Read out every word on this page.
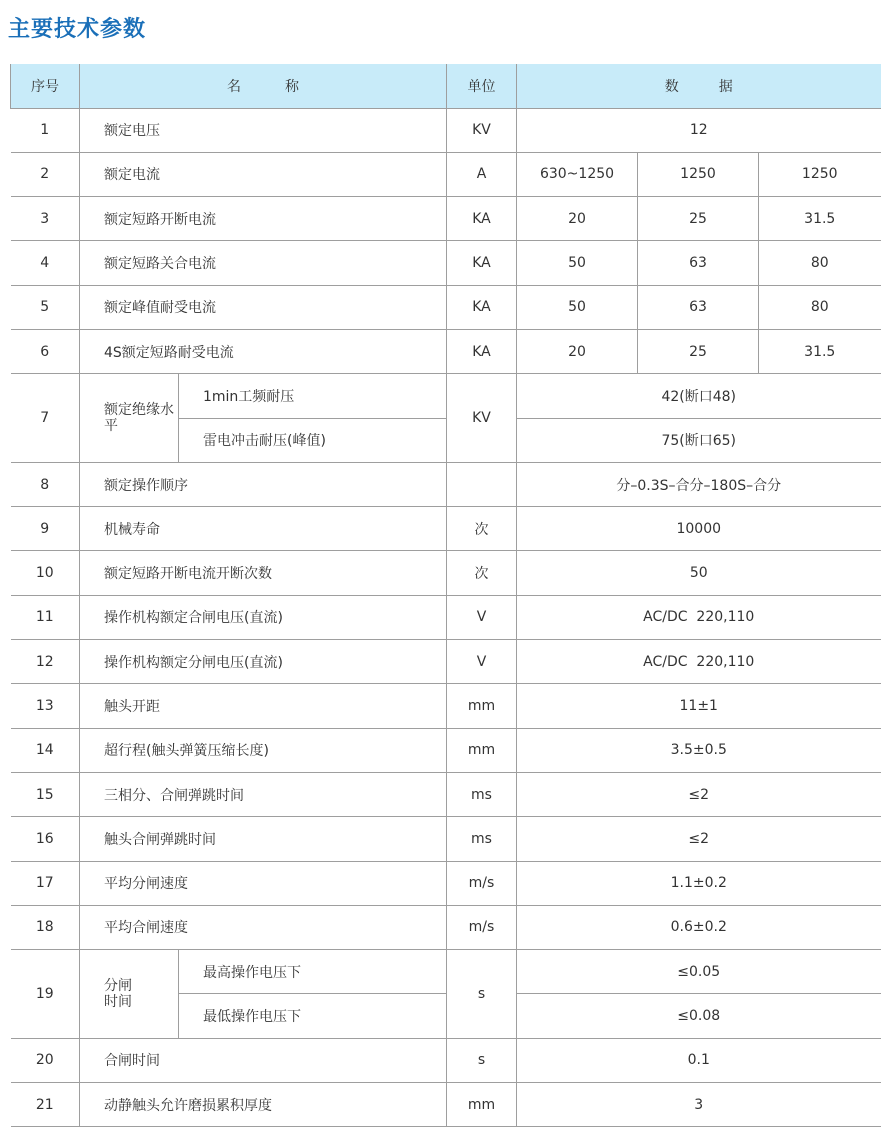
主要技术参数
序号	名称		单位	数据		
1	额定电压		KV	12		
2	额定电流		A	630~1250	1250	1250
3	额定短路开断电流		KA	20	25	31.5
4	额定短路关合电流		KA	50	63	80
5	额定峰值耐受电流		KA	50	63	80
6	4S额定短路耐受电流		KA	20	25	31.5
7	额定绝缘水平	1min工频耐压	KV	42(断口48)		
		雷电冲击耐压(峰值)		75(断口65)		
8	额定操作顺序			分–0.3S–合分–180S–合分		
9	机械寿命		次	10000		
10	额定短路开断电流开断次数		次	50		
11	操作机构额定合闸电压(直流)		V	AC/DC  220,110		
12	操作机构额定分闸电压(直流)		V	AC/DC  220,110		
13	触头开距		mm	11±1		
14	超行程(触头弹簧压缩长度)		mm	3.5±0.5		
15	三相分、合闸弹跳时间		ms	≤2		
16	触头合闸弹跳时间		ms	≤2		
17	平均分闸速度		m/s	1.1±0.2		
18	平均合闸速度		m/s	0.6±0.2		
19	分闸时间	最高操作电压下	s	≤0.05		
		最低操作电压下		≤0.08		
20	合闸时间		s	0.1		
21	动静触头允许磨损累积厚度		mm	3		
